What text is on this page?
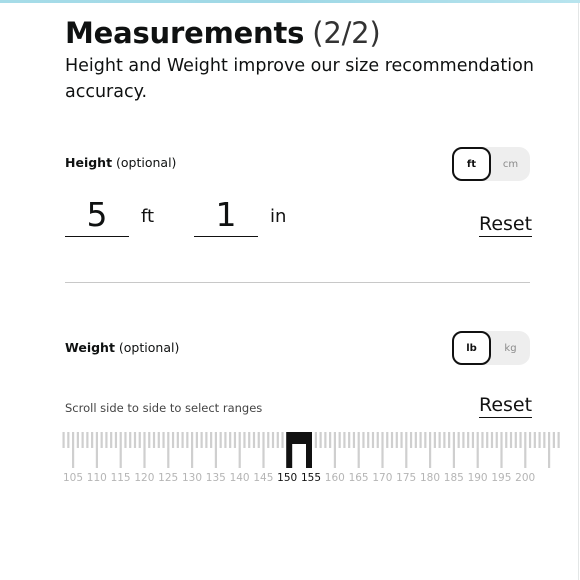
Measurements (2/2)
Height and Weight improve our size recommendation accuracy.
Height (optional)	ft	cm
5	ft	1	in	Reset
Weight (optional)	lb	kg
Scroll side to side to select ranges	Reset
105 110 115 120 125 130 135 140 145 150 155 160 165 170 175 180 185 190 195 200
